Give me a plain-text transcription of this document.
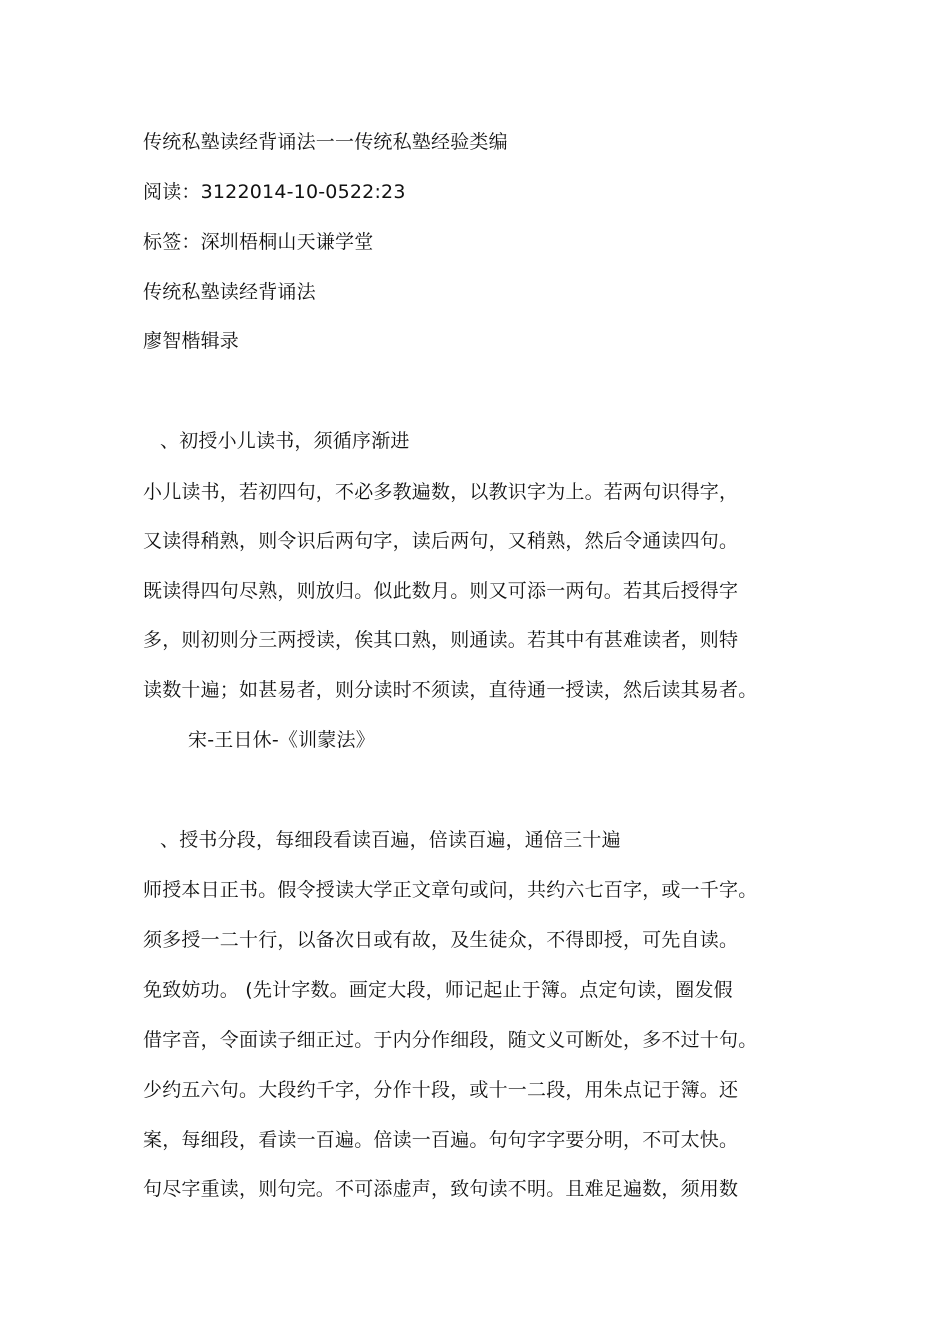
传统私塾读经背诵法一一传统私塾经验类编
阅读：3122014-10-0522:23
标签：深圳梧桐山天谦学堂
传统私塾读经背诵法
廖智楷辑录
、初授小儿读书，须循序渐进
小儿读书，若初四句，不必多教遍数，以教识字为上。若两句识得字，
又读得稍熟，则令识后两句字，读后两句，又稍熟，然后令通读四句。
既读得四句尽熟，则放归。似此数月。则又可添一两句。若其后授得字
多，则初则分三两授读，俟其口熟，则通读。若其中有甚难读者，则特
读数十遍；如甚易者，则分读时不须读，直待通一授读，然后读其易者。
宋-王日休-《训蒙法》
、授书分段，每细段看读百遍，倍读百遍，通倍三十遍
师授本日正书。假令授读大学正文章句或问，共约六七百字，或一千字。
须多授一二十行，以备次日或有故，及生徒众，不得即授，可先自读。
免致妨功。 (先计字数。画定大段，师记起止于簿。点定句读，圈发假
借字音，令面读子细正过。于内分作细段，随文义可断处，多不过十句。
少约五六句。大段约千字，分作十段，或十一二段，用朱点记于簿。还
案，每细段，看读一百遍。倍读一百遍。句句字字要分明，不可太快。
句尽字重读，则句完。不可添虚声，致句读不明。且难足遍数，须用数
